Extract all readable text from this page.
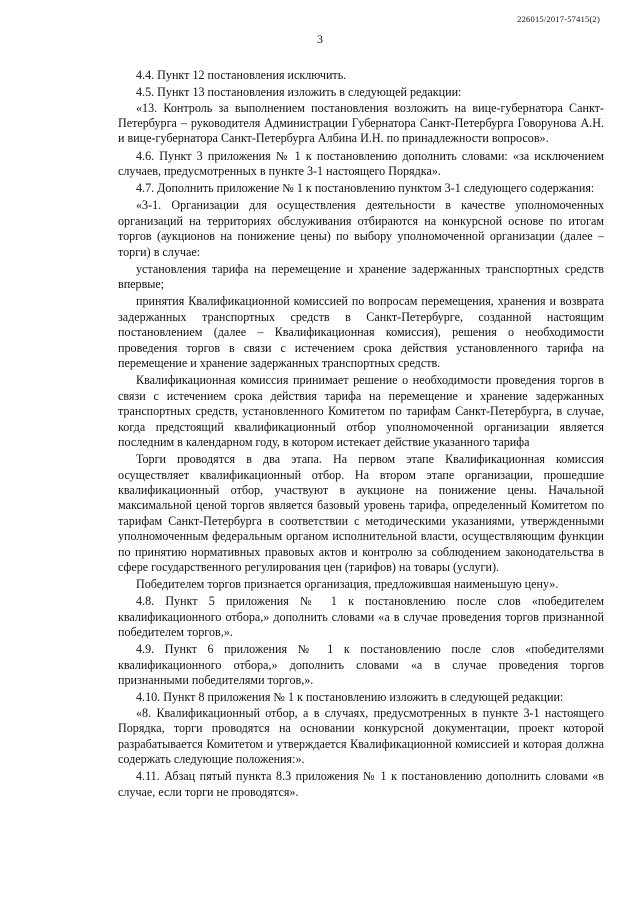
226015/2017-57415(2)
3

4.4. Пункт 12 постановления исключить.

4.5. Пункт 13 постановления изложить в следующей редакции:

«13. Контроль за выполнением постановления возложить на вице-губернатора Санкт-Петербурга – руководителя Администрации Губернатора Санкт-Петербурга Говорунова А.Н. и вице-губернатора Санкт-Петербурга Албина И.Н. по принадлежности вопросов».

4.6. Пункт 3 приложения № 1 к постановлению дополнить словами: «за исключением случаев, предусмотренных в пункте 3-1 настоящего Порядка».

4.7. Дополнить приложение № 1 к постановлению пунктом 3-1 следующего содержания:

«3-1. Организации для осуществления деятельности в качестве уполномоченных организаций на территориях обслуживания отбираются на конкурсной основе по итогам торгов (аукционов на понижение цены) по выбору уполномоченной организации (далее – торги) в случае:

установления тарифа на перемещение и хранение задержанных транспортных средств впервые;

принятия Квалификационной комиссией по вопросам перемещения, хранения и возврата задержанных транспортных средств в Санкт-Петербурге, созданной настоящим постановлением (далее – Квалификационная комиссия), решения о необходимости проведения торгов в связи с истечением срока действия установленного тарифа на перемещение и хранение задержанных транспортных средств.

Квалификационная комиссия принимает решение о необходимости проведения торгов в связи с истечением срока действия тарифа на перемещение и хранение задержанных транспортных средств, установленного Комитетом по тарифам Санкт-Петербурга, в случае, когда предстоящий квалификационный отбор уполномоченной организации является последним в календарном году, в котором истекает действие указанного тарифа

Торги проводятся в два этапа. На первом этапе Квалификационная комиссия осуществляет квалификационный отбор. На втором этапе организации, прошедшие квалификационный отбор, участвуют в аукционе на понижение цены. Начальной максимальной ценой торгов является базовый уровень тарифа, определенный Комитетом по тарифам Санкт-Петербурга в соответствии с методическими указаниями, утвержденными уполномоченным федеральным органом исполнительной власти, осуществляющим функции по принятию нормативных правовых актов и контролю за соблюдением законодательства в сфере государственного регулирования цен (тарифов) на товары (услуги).

Победителем торгов признается организация, предложившая наименьшую цену».

4.8. Пункт 5 приложения № 1 к постановлению после слов «победителем квалификационного отбора,» дополнить словами «а в случае проведения торгов признанной победителем торгов,».

4.9. Пункт 6 приложения № 1 к постановлению после слов «победителями квалификационного отбора,» дополнить словами «а в случае проведения торгов признанными победителями торгов,».

4.10. Пункт 8 приложения № 1 к постановлению изложить в следующей редакции:

«8. Квалификационный отбор, а в случаях, предусмотренных в пункте 3-1 настоящего Порядка, торги проводятся на основании конкурсной документации, проект которой разрабатывается Комитетом и утверждается Квалификационной комиссией и которая должна содержать следующие положения:».

4.11. Абзац пятый пункта 8.3 приложения № 1 к постановлению дополнить словами «в случае, если торги не проводятся».
